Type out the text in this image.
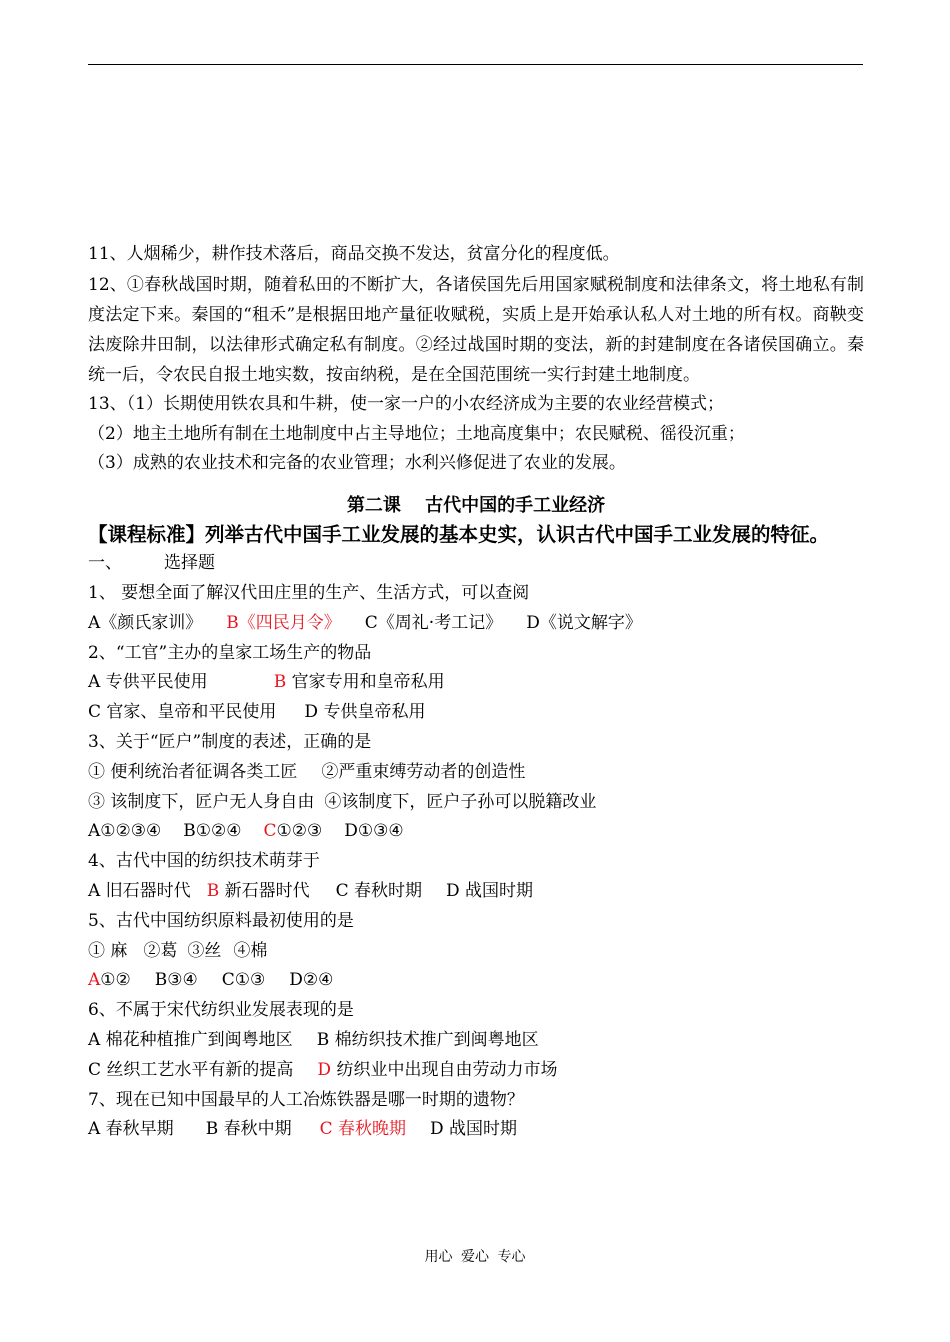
11、人烟稀少，耕作技术落后，商品交换不发达，贫富分化的程度低。
12、①春秋战国时期，随着私田的不断扩大，各诸侯国先后用国家赋税制度和法律条文，将土地私有制度法定下来。秦国的“租禾”是根据田地产量征收赋税，实质上是开始承认私人对土地的所有权。商鞅变法废除井田制，以法律形式确定私有制度。②经过战国时期的变法，新的封建制度在各诸侯国确立。秦统一后，令农民自报土地实数，按亩纳税，是在全国范围统一实行封建土地制度。
13、（1）长期使用铁农具和牛耕，使一家一户的小农经济成为主要的农业经营模式；
（2）地主土地所有制在土地制度中占主导地位；土地高度集中；农民赋税、徭役沉重；
（3）成熟的农业技术和完备的农业管理；水利兴修促进了农业的发展。
第二课　 古代中国的手工业经济
【课程标准】列举古代中国手工业发展的基本史实，认识古代中国手工业发展的特征。
一、 选择题
1、 要想全面了解汉代田庄里的生产、生活方式，可以查阅
A《颜氏家训》 B《四民月令》 C《周礼·考工记》 D《说文解字》
2、“工官”主办的皇家工场生产的物品
A 专供平民使用	B 官家专用和皇帝私用
C 官家、皇帝和平民使用 D 专供皇帝私用
3、关于“匠户”制度的表述，正确的是
① 便利统治者征调各类工匠 ②严重束缚劳动者的创造性
③ 该制度下，匠户无人身自由 ④该制度下，匠户子孙可以脱籍改业
A①②③④ B①②④ C①②③ D①③④
4、古代中国的纺织技术萌芽于
A 旧石器时代 B 新石器时代 C 春秋时期 D 战国时期
5、古代中国纺织原料最初使用的是
① 麻 ②葛 ③丝 ④棉
A①② B③④ C①③ D②④
6、不属于宋代纺织业发展表现的是
A 棉花种植推广到闽粤地区 B 棉纺织技术推广到闽粤地区
C 丝织工艺水平有新的提高 D 纺织业中出现自由劳动力市场
7、现在已知中国最早的人工冶炼铁器是哪一时期的遗物？
A 春秋早期 B 春秋中期 C 春秋晚期 D 战国时期
用心 爱心 专心
